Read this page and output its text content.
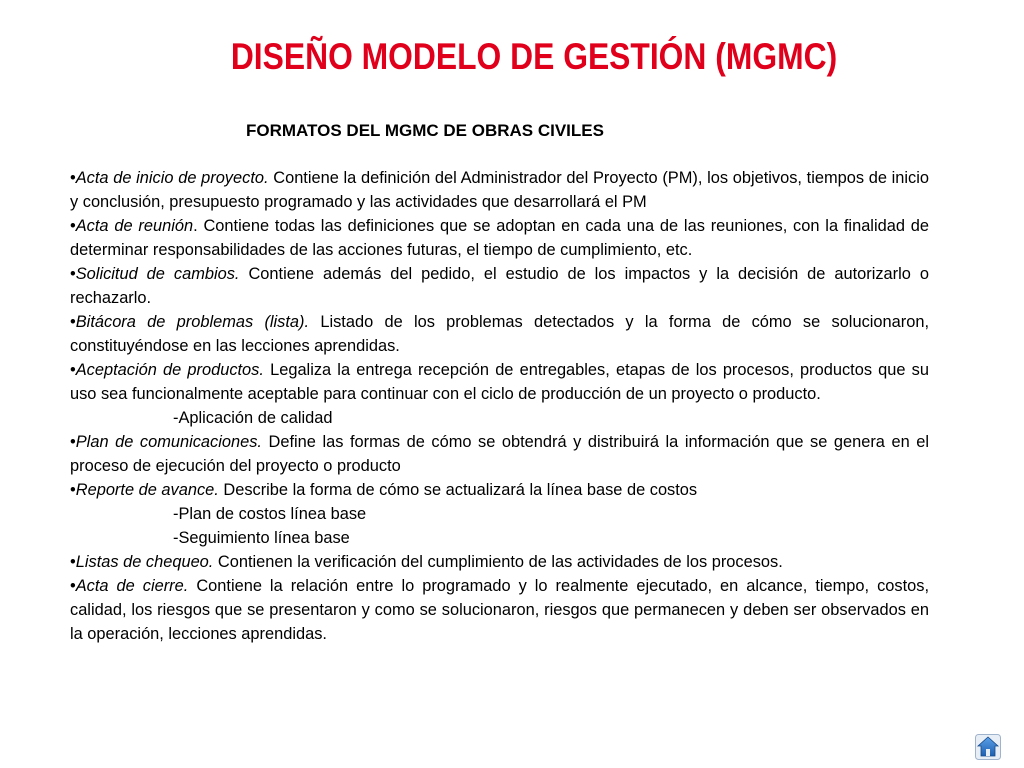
DISEÑO MODELO DE GESTIÓN (MGMC)
FORMATOS DEL MGMC DE OBRAS CIVILES

•Acta de inicio de proyecto. Contiene la definición del Administrador del Proyecto (PM), los objetivos, tiempos de inicio y conclusión, presupuesto programado y las actividades que desarrollará el PM

•Acta de reunión. Contiene todas las definiciones que se adoptan en cada una de las reuniones, con la finalidad de determinar responsabilidades de las acciones futuras, el tiempo de cumplimiento, etc.

•Solicitud de cambios. Contiene además del pedido, el estudio de los impactos y la decisión de autorizarlo o rechazarlo.

•Bitácora de problemas (lista). Listado de los problemas detectados y la forma de cómo se solucionaron, constituyéndose en las lecciones aprendidas.

•Aceptación de productos. Legaliza la entrega recepción de entregables, etapas de los procesos, productos que su uso sea funcionalmente aceptable para continuar con el ciclo de producción de un proyecto o producto.

-Aplicación de calidad

•Plan de comunicaciones. Define las formas de cómo se obtendrá y distribuirá la información que se genera en el proceso de ejecución del proyecto o producto

•Reporte de avance. Describe la forma de cómo se actualizará la línea base de costos

-Plan de costos línea base

-Seguimiento línea base

•Listas de chequeo. Contienen la verificación del cumplimiento de las actividades de los procesos.

•Acta de cierre. Contiene la relación entre lo programado y lo realmente ejecutado, en alcance, tiempo, costos, calidad, los riesgos que se presentaron y como se solucionaron, riesgos que permanecen y deben ser observados en la operación, lecciones aprendidas.
